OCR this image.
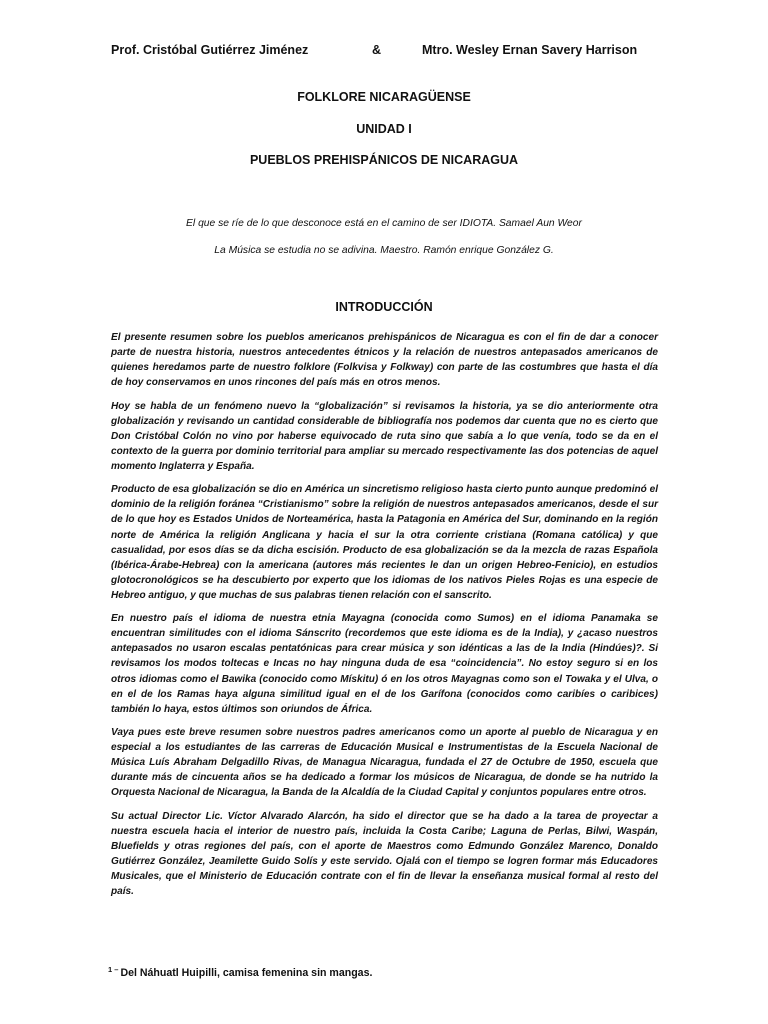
Prof. Cristóbal Gutiérrez Jiménez	&	Mtro. Wesley Ernan Savery Harrison
FOLKLORE NICARAGÜENSE
UNIDAD I
PUEBLOS PREHISPÁNICOS DE NICARAGUA
El que se ríe de lo que desconoce está en el camino de ser IDIOTA. Samael Aun Weor
La Música se estudia no se adivina. Maestro. Ramón enrique González G.
INTRODUCCIÓN

El presente resumen sobre los pueblos americanos prehispánicos de Nicaragua es con el fin de dar a conocer parte de nuestra historia, nuestros antecedentes étnicos y la relación de nuestros antepasados americanos de quienes heredamos parte de nuestro folklore (Folkvisa y Folkway) con parte de las costumbres que hasta el día de hoy conservamos en unos rincones del país más en otros menos.

Hoy se habla de un fenómeno nuevo la “globalización” si revisamos la historia, ya se dio anteriormente otra globalización y revisando un cantidad considerable de bibliografía nos podemos dar cuenta que no es cierto que Don Cristóbal Colón no vino por haberse equivocado de ruta sino que sabía a lo que venía, todo se da en el contexto de la guerra por dominio territorial para ampliar su mercado respectivamente las dos potencias de aquel momento Inglaterra y España.

Producto de esa globalización se dio en América un sincretismo religioso hasta cierto punto aunque predominó el dominio de la religión foránea “Cristianismo” sobre la religión de nuestros antepasados americanos, desde el sur de lo que hoy es Estados Unidos de Norteamérica, hasta la Patagonia en América del Sur, dominando en la región norte de América la religión Anglicana y hacia el sur la otra corriente cristiana (Romana católica) y que casualidad, por esos días se da dicha escisión. Producto de esa globalización se da la mezcla de razas Española (Ibérica-Árabe-Hebrea) con la americana (autores más recientes le dan un origen Hebreo-Fenicio), en estudios glotocronológicos se ha descubierto por experto que los idiomas de los nativos Pieles Rojas es una especie de Hebreo antiguo, y que muchas de sus palabras tienen relación con el sanscrito.

En nuestro país el idioma de nuestra etnia Mayagna (conocida como Sumos) en el idioma Panamaka se encuentran similitudes con el idioma Sánscrito (recordemos que este idioma es de la India), y ¿acaso nuestros antepasados no usaron escalas pentatónicas para crear música y son idénticas a las de la India (Hindúes)?. Si revisamos los modos toltecas e Incas no hay ninguna duda de esa “coincidencia”. No estoy seguro si en los otros idiomas como el Bawika (conocido como Mískitu) ó en los otros Mayagnas como son el Towaka y el Ulva, o en el de los Ramas haya alguna similitud igual en el de los Garífona (conocidos como caribíes o caribices) también lo haya, estos últimos son oriundos de África.

Vaya pues este breve resumen sobre nuestros padres americanos como un aporte al pueblo de Nicaragua y en especial a los estudiantes de las carreras de Educación Musical e Instrumentistas de la Escuela Nacional de Música Luís Abraham Delgadillo Rivas, de Managua Nicaragua, fundada el 27 de Octubre de 1950, escuela que durante más de cincuenta años se ha dedicado a formar los músicos de Nicaragua, de donde se ha nutrido la Orquesta Nacional de Nicaragua, la Banda de la Alcaldía de la Ciudad Capital y conjuntos populares entre otros.

Su actual Director Lic. Víctor Alvarado Alarcón, ha sido el director que se ha dado a la tarea de proyectar a nuestra escuela hacia el interior de nuestro país, incluida la Costa Caribe; Laguna de Perlas, Bilwi, Waspán, Bluefields y otras regiones del país, con el aporte de Maestros como Edmundo González Marenco, Donaldo Gutiérrez González, Jeamilette Guido Solís y este servido. Ojalá con el tiempo se logren formar más Educadores Musicales, que el Ministerio de Educación contrate con el fin de llevar la enseñanza musical formal al resto del país.

$^{1 -}$ Del Náhuatl Huipilli, camisa femenina sin mangas.
